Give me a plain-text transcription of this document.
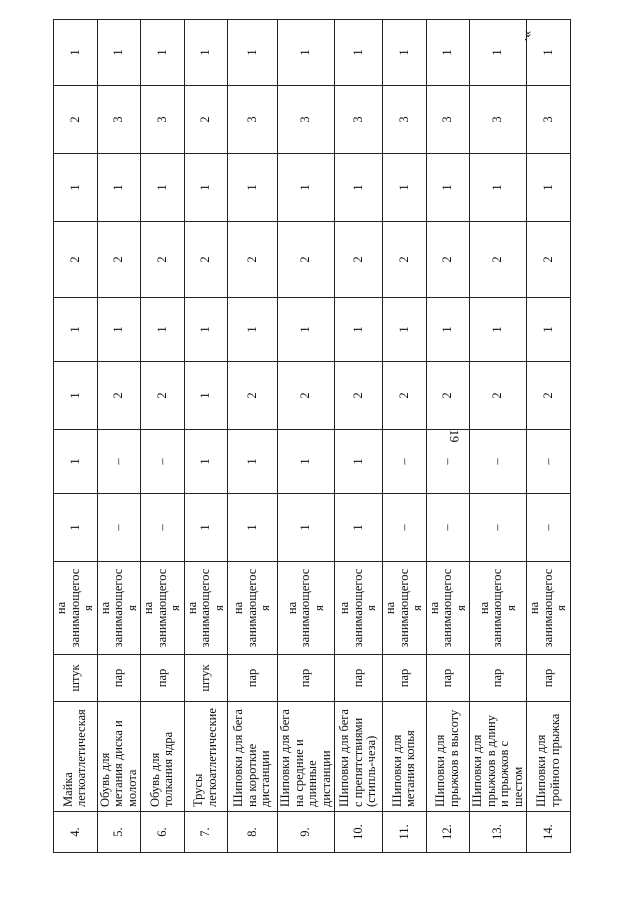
19
».
4.	Майка легкоатлетическая	штук	на занимающегося	1	1	1	1	2	1	2	1
5.	Обувь для метания диска и молота	пар	на занимающегося	–	–	2	1	2	1	3	1
6.	Обувь для толкания ядра	пар	на занимающегося	–	–	2	1	2	1	3	1
7.	Трусы легкоатлетические	штук	на занимающегося	1	1	1	1	2	1	2	1
8.	Шиповки для бега на короткие дистанции	пар	на занимающегося	1	1	2	1	2	1	3	1
9.	Шиповки для бега на средние и длинные дистанции	пар	на занимающегося	1	1	2	1	2	1	3	1
10.	Шиповки для бега с препятствиями (стипль-чеза)	пар	на занимающегося	1	1	2	1	2	1	3	1
11.	Шиповки для метания копья	пар	на занимающегося	–	–	2	1	2	1	3	1
12.	Шиповки для прыжков в высоту	пар	на занимающегося	–	–	2	1	2	1	3	1
13.	Шиповки для прыжков в длину и прыжков с шестом	пар	на занимающегося	–	–	2	1	2	1	3	1
14.	Шиповки для тройного прыжка	пар	на занимающегося	–	–	2	1	2	1	3	1
